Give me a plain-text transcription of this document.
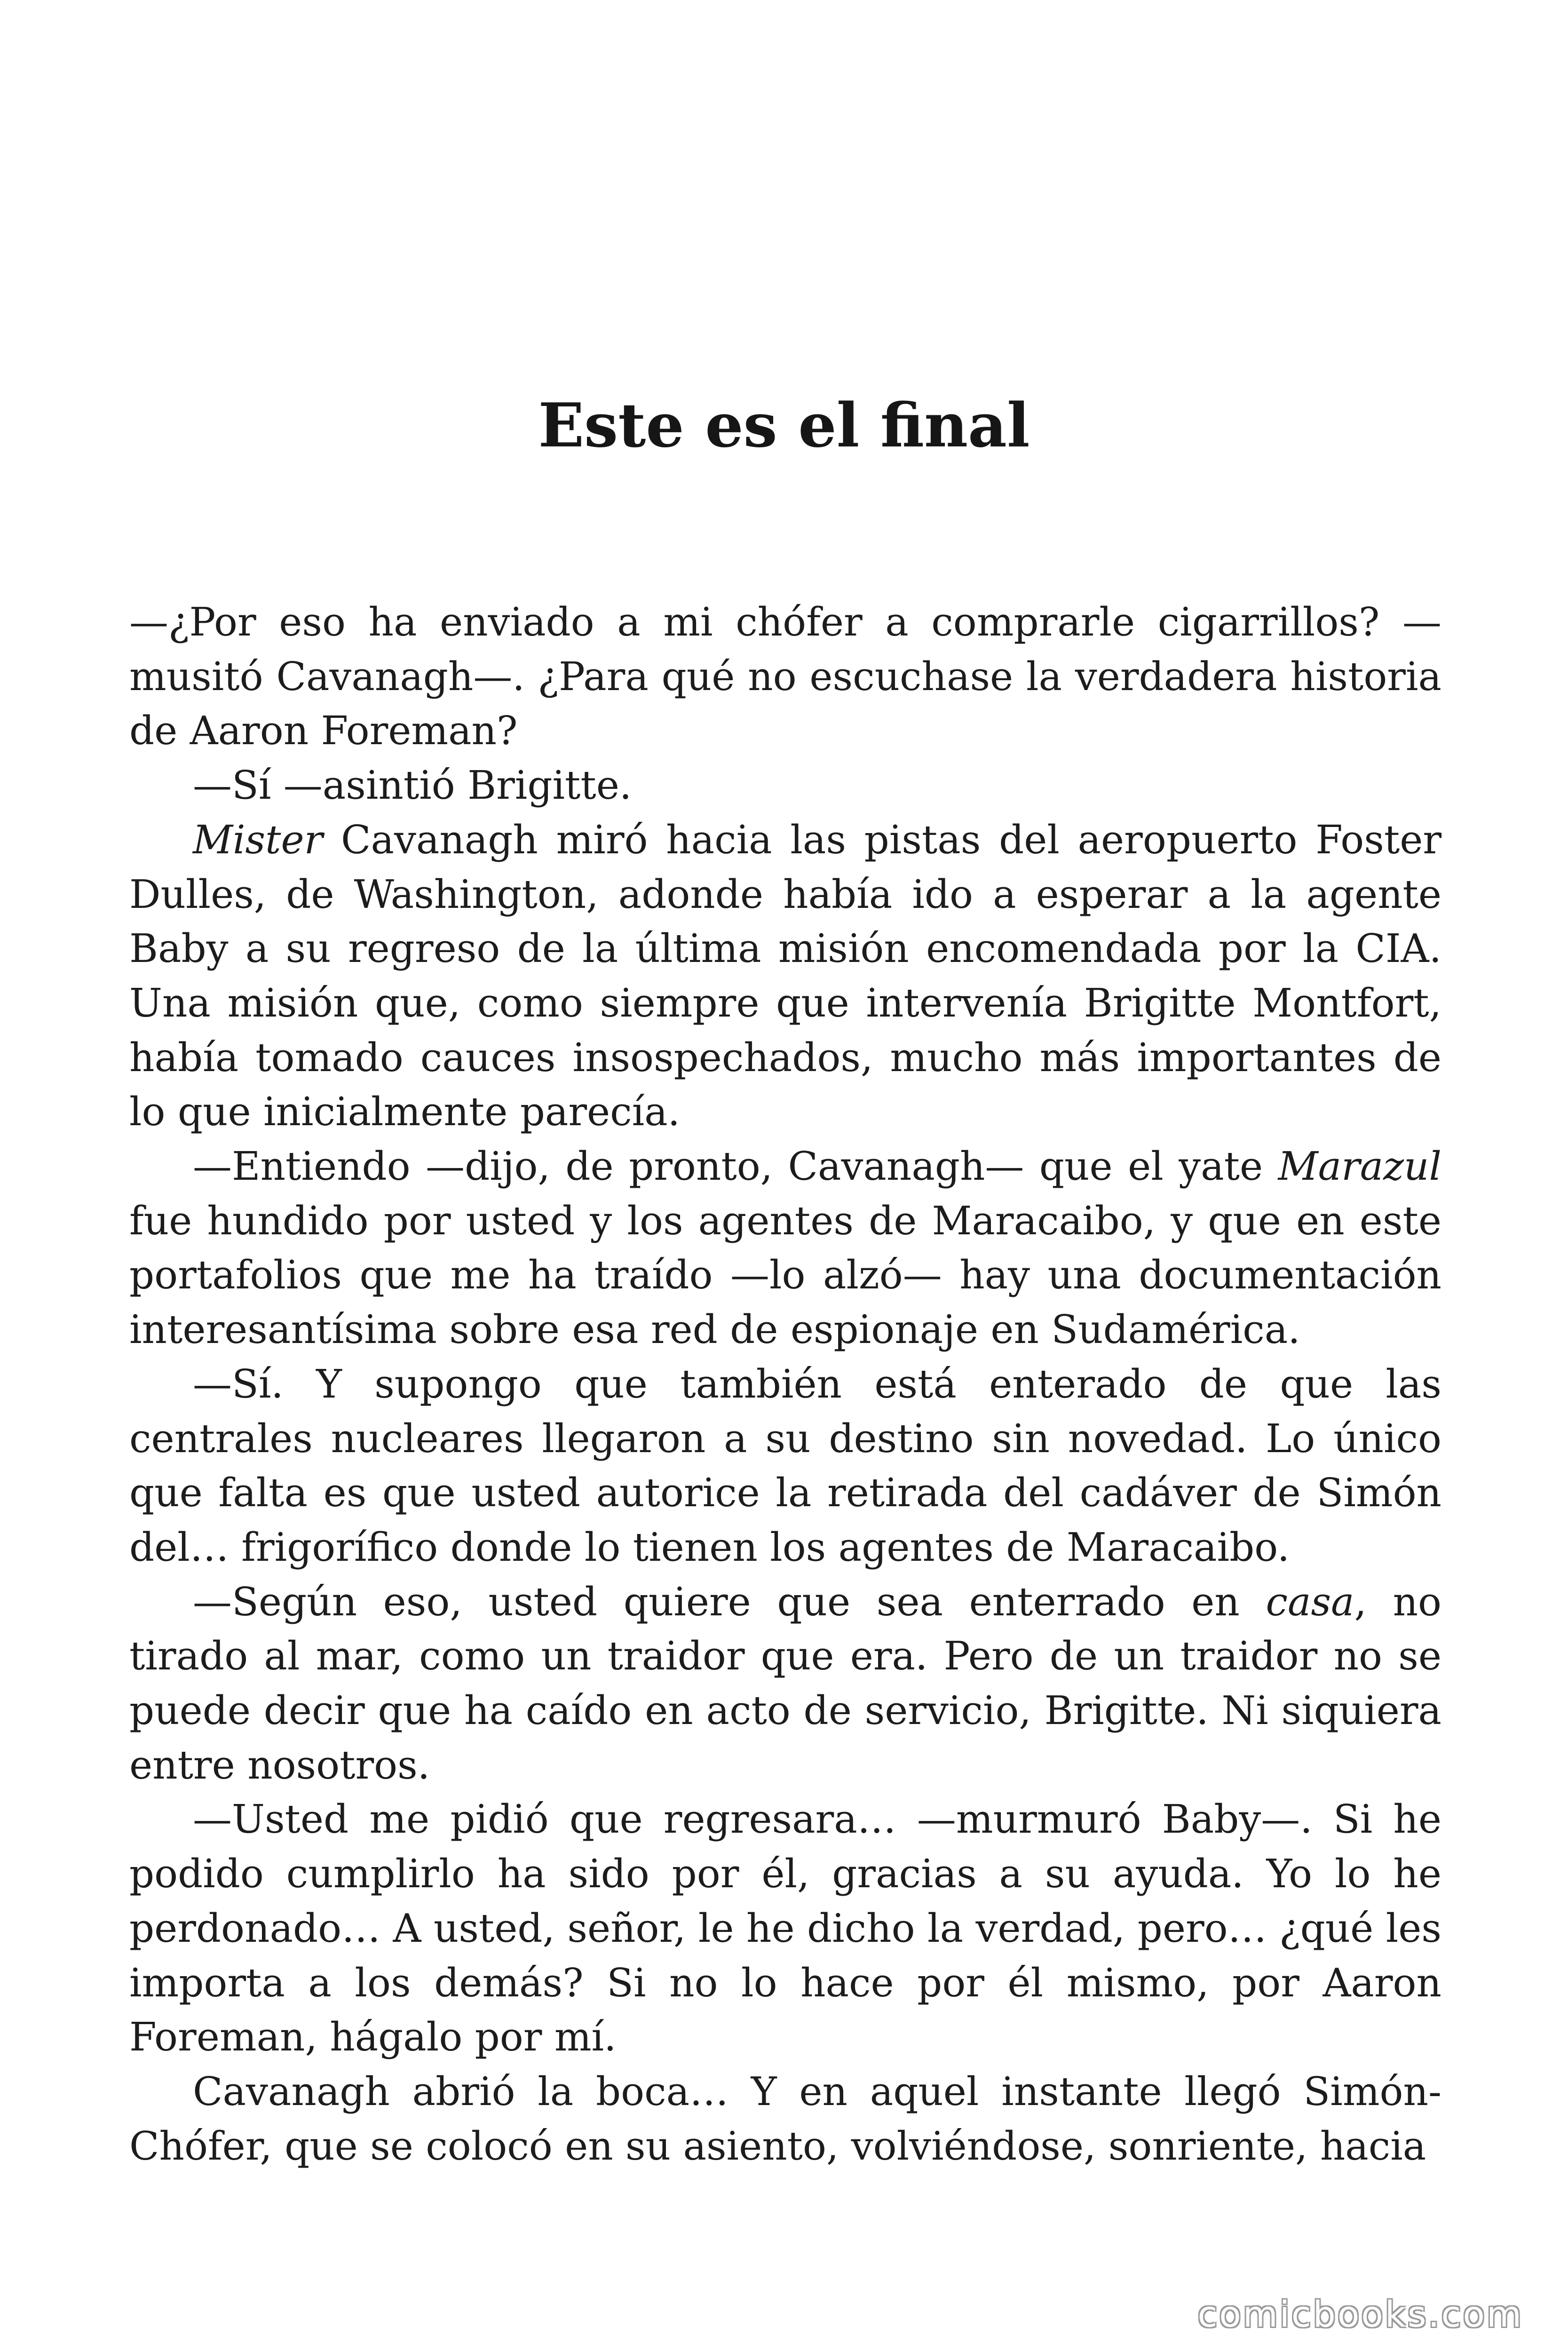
Este es el final

—¿Por eso ha enviado a mi chófer a comprarle cigarrillos? —musitó Cavanagh—. ¿Para qué no escuchase la verdadera historia de Aaron Foreman?

—Sí —asintió Brigitte.

Mister Cavanagh miró hacia las pistas del aeropuerto Foster Dulles, de Washington, adonde había ido a esperar a la agente Baby a su regreso de la última misión encomendada por la CIA. Una misión que, como siempre que intervenía Brigitte Montfort, había tomado cauces insospechados, mucho más importantes de lo que inicialmente parecía.

—Entiendo —dijo, de pronto, Cavanagh— que el yate Marazul fue hundido por usted y los agentes de Maracaibo, y que en este portafolios que me ha traído —lo alzó— hay una documentación interesantísima sobre esa red de espionaje en Sudamérica.

—Sí. Y supongo que también está enterado de que las centrales nucleares llegaron a su destino sin novedad. Lo único que falta es que usted autorice la retirada del cadáver de Simón del… frigorífico donde lo tienen los agentes de Maracaibo.

—Según eso, usted quiere que sea enterrado en casa, no tirado al mar, como un traidor que era. Pero de un traidor no se puede decir que ha caído en acto de servicio, Brigitte. Ni siquiera entre nosotros.

—Usted me pidió que regresara… —murmuró Baby—. Si he podido cumplirlo ha sido por él, gracias a su ayuda. Yo lo he perdonado… A usted, señor, le he dicho la verdad, pero… ¿qué les importa a los demás? Si no lo hace por él mismo, por Aaron Foreman, hágalo por mí.

Cavanagh abrió la boca… Y en aquel instante llegó Simón-Chófer, que se colocó en su asiento, volviéndose, sonriente, hacia

comicbooks.com
